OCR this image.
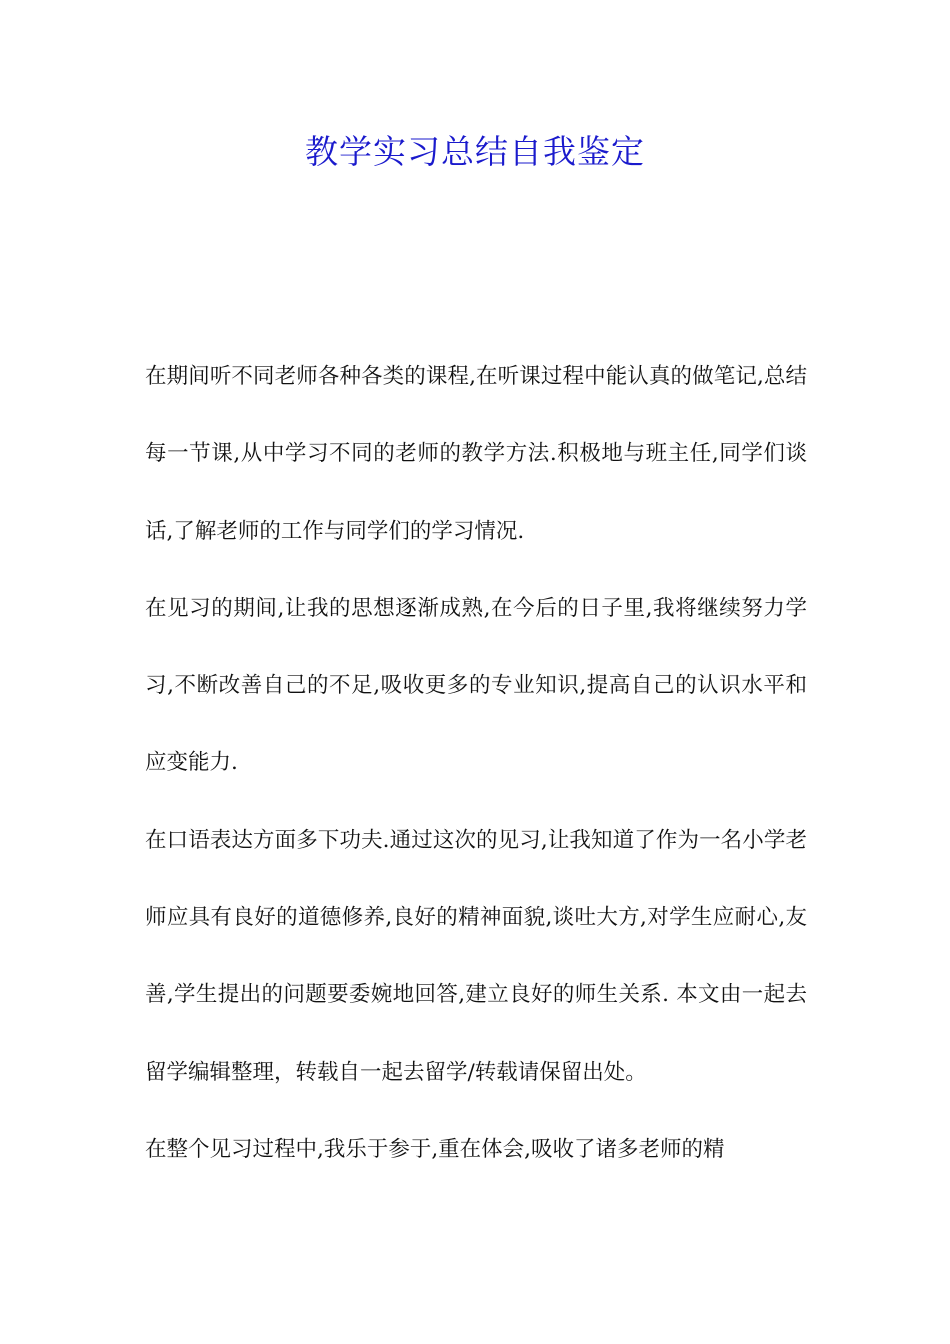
教学实习总结自我鉴定

在期间听不同老师各种各类的课程,在听课过程中能认真的做笔记,总结每一节课,从中学习不同的老师的教学方法.积极地与班主任,同学们谈话,了解老师的工作与同学们的学习情况.

在见习的期间,让我的思想逐渐成熟,在今后的日子里,我将继续努力学习,不断改善自己的不足,吸收更多的专业知识,提高自己的认识水平和应变能力.

在口语表达方面多下功夫.通过这次的见习,让我知道了作为一名小学老师应具有良好的道德修养,良好的精神面貌,谈吐大方,对学生应耐心,友善,学生提出的问题要委婉地回答,建立良好的师生关系. 本文由一起去留学编辑整理，转载自一起去留学/转载请保留出处。

在整个见习过程中,我乐于参于,重在体会,吸收了诸多老师的精
